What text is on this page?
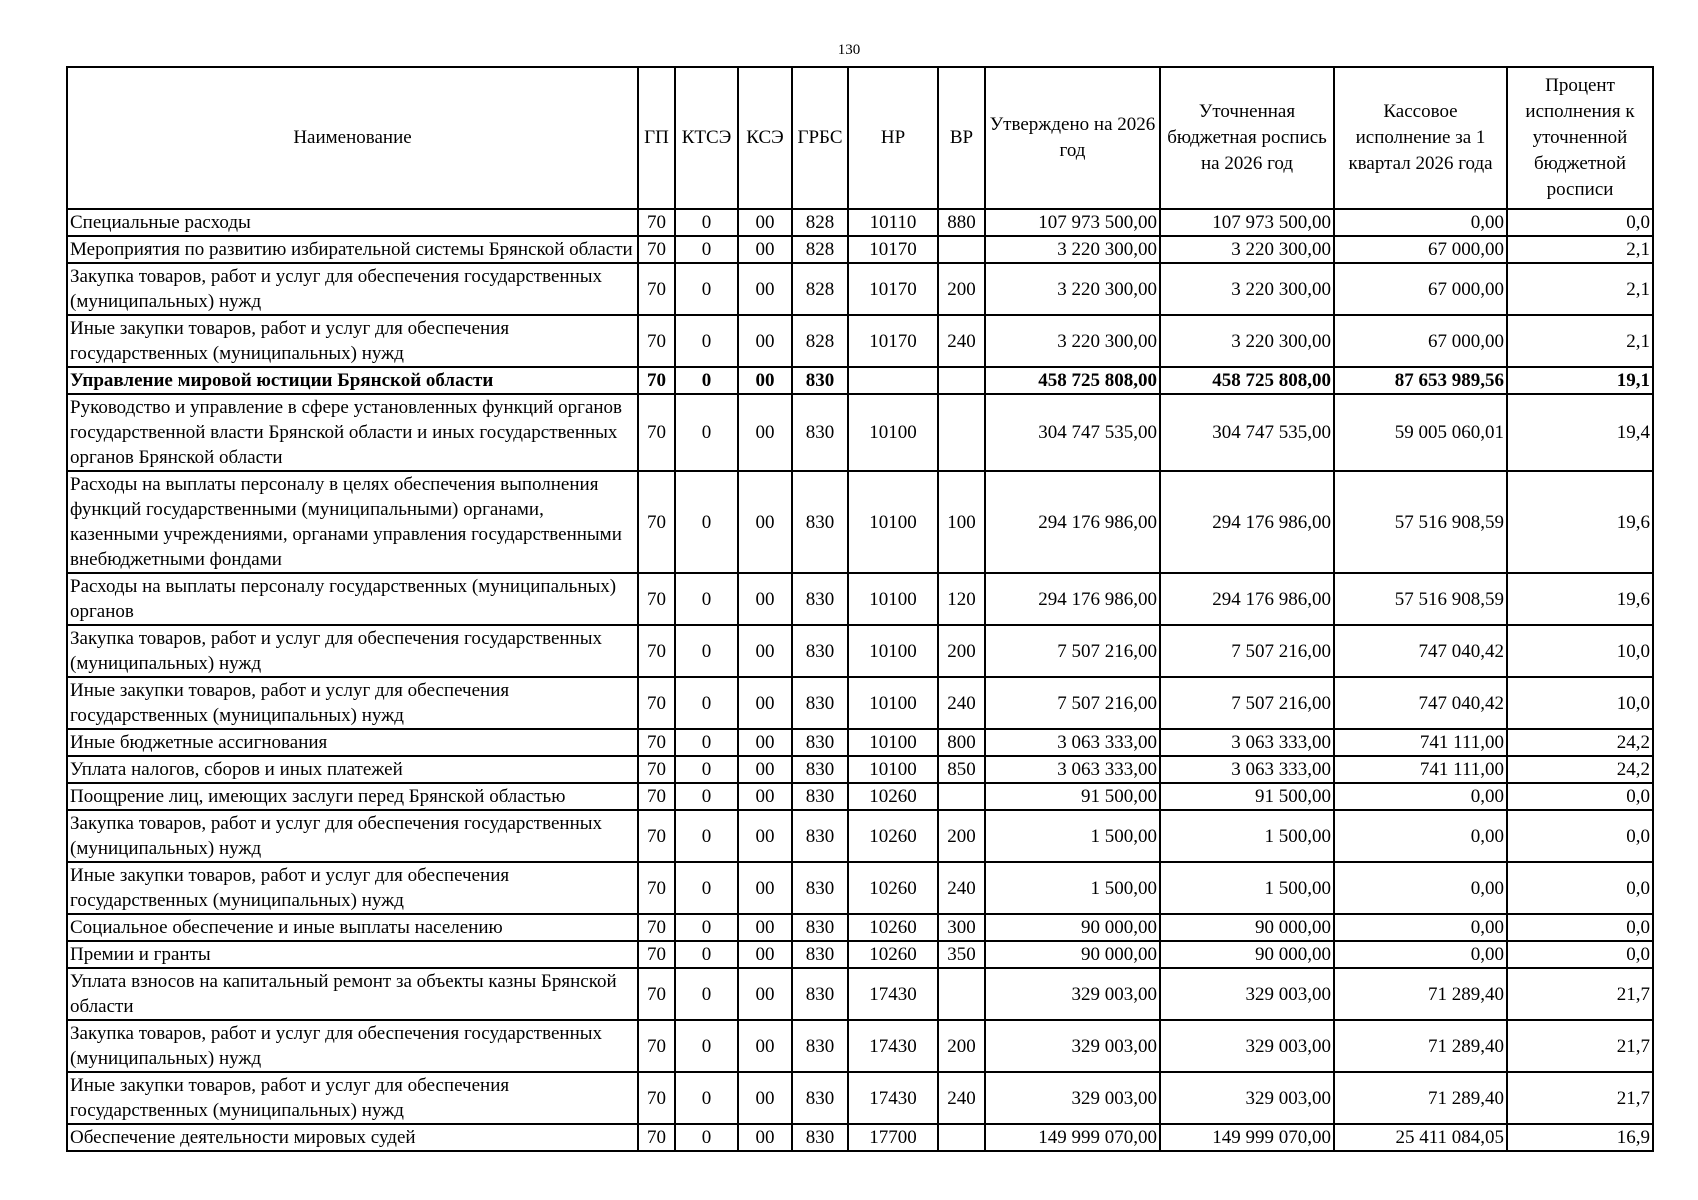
130
Наименование	ГП	КТСЭ	КСЭ	ГРБС	НР	ВР	Утверждено на 2026 год	Уточненная бюджетная роспись на 2026 год	Кассовое исполнение за 1 квартал 2026 года	Процент исполнения к уточненной бюджетной росписи
Специальные расходы	70	0	00	828	10110	880	107 973 500,00	107 973 500,00	0,00	0,0
Мероприятия по развитию избирательной системы Брянской области	70	0	00	828	10170		3 220 300,00	3 220 300,00	67 000,00	2,1
Закупка товаров, работ и услуг для обеспечения государственных (муниципальных) нужд	70	0	00	828	10170	200	3 220 300,00	3 220 300,00	67 000,00	2,1
Иные закупки товаров, работ и услуг для обеспечения государственных (муниципальных) нужд	70	0	00	828	10170	240	3 220 300,00	3 220 300,00	67 000,00	2,1
Управление мировой юстиции Брянской области	70	0	00	830			458 725 808,00	458 725 808,00	87 653 989,56	19,1
Руководство и управление в сфере установленных функций органов государственной власти Брянской области и иных государственных органов Брянской области	70	0	00	830	10100		304 747 535,00	304 747 535,00	59 005 060,01	19,4
Расходы на выплаты персоналу в целях обеспечения выполнения функций государственными (муниципальными) органами, казенными учреждениями, органами управления государственными внебюджетными фондами	70	0	00	830	10100	100	294 176 986,00	294 176 986,00	57 516 908,59	19,6
Расходы на выплаты персоналу государственных (муниципальных) органов	70	0	00	830	10100	120	294 176 986,00	294 176 986,00	57 516 908,59	19,6
Закупка товаров, работ и услуг для обеспечения государственных (муниципальных) нужд	70	0	00	830	10100	200	7 507 216,00	7 507 216,00	747 040,42	10,0
Иные закупки товаров, работ и услуг для обеспечения государственных (муниципальных) нужд	70	0	00	830	10100	240	7 507 216,00	7 507 216,00	747 040,42	10,0
Иные бюджетные ассигнования	70	0	00	830	10100	800	3 063 333,00	3 063 333,00	741 111,00	24,2
Уплата налогов, сборов и иных платежей	70	0	00	830	10100	850	3 063 333,00	3 063 333,00	741 111,00	24,2
Поощрение лиц, имеющих заслуги перед Брянской областью	70	0	00	830	10260		91 500,00	91 500,00	0,00	0,0
Закупка товаров, работ и услуг для обеспечения государственных (муниципальных) нужд	70	0	00	830	10260	200	1 500,00	1 500,00	0,00	0,0
Иные закупки товаров, работ и услуг для обеспечения государственных (муниципальных) нужд	70	0	00	830	10260	240	1 500,00	1 500,00	0,00	0,0
Социальное обеспечение и иные выплаты населению	70	0	00	830	10260	300	90 000,00	90 000,00	0,00	0,0
Премии и гранты	70	0	00	830	10260	350	90 000,00	90 000,00	0,00	0,0
Уплата взносов на капитальный ремонт за объекты казны Брянской области	70	0	00	830	17430		329 003,00	329 003,00	71 289,40	21,7
Закупка товаров, работ и услуг для обеспечения государственных (муниципальных) нужд	70	0	00	830	17430	200	329 003,00	329 003,00	71 289,40	21,7
Иные закупки товаров, работ и услуг для обеспечения государственных (муниципальных) нужд	70	0	00	830	17430	240	329 003,00	329 003,00	71 289,40	21,7
Обеспечение деятельности мировых судей	70	0	00	830	17700		149 999 070,00	149 999 070,00	25 411 084,05	16,9
